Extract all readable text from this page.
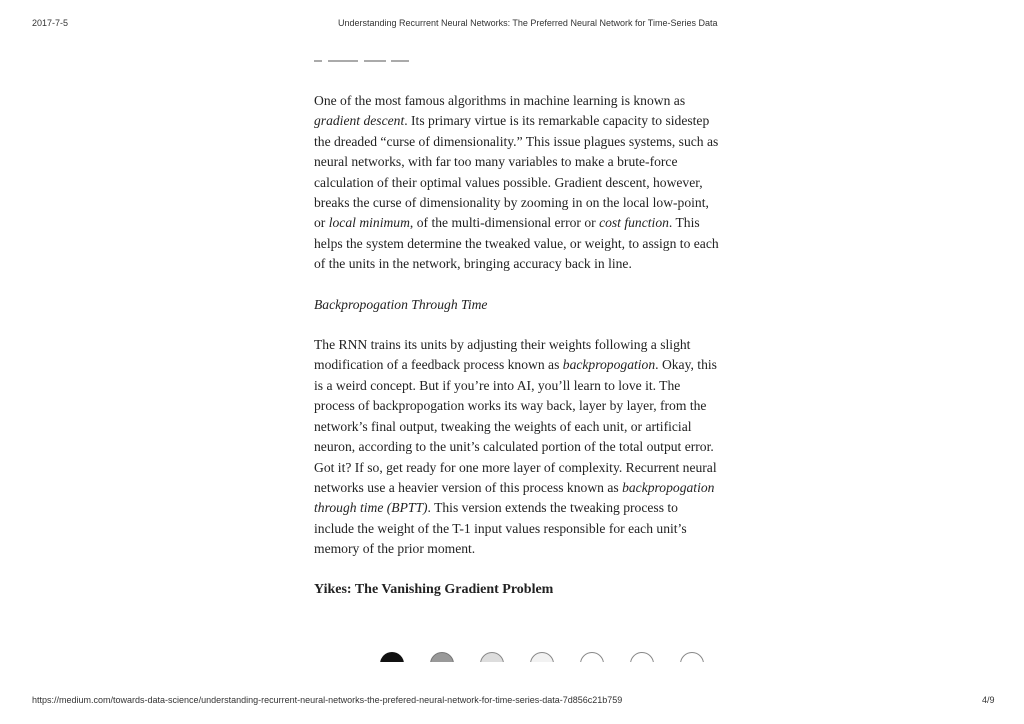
2017-7-5	Understanding Recurrent Neural Networks: The Preferred Neural Network for Time-Series Data

One of the most famous algorithms in machine learning is known as gradient descent. Its primary virtue is its remarkable capacity to sidestep the dreaded “curse of dimensionality.” This issue plagues systems, such as neural networks, with far too many variables to make a brute-force calculation of their optimal values possible. Gradient descent, however, breaks the curse of dimensionality by zooming in on the local low-point, or local minimum, of the multi-dimensional error or cost function. This helps the system determine the tweaked value, or weight, to assign to each of the units in the network, bringing accuracy back in line.

Backpropogation Through Time

The RNN trains its units by adjusting their weights following a slight modification of a feedback process known as backpropogation. Okay, this is a weird concept. But if you’re into AI, you’ll learn to love it. The process of backpropogation works its way back, layer by layer, from the network’s final output, tweaking the weights of each unit, or artificial neuron, according to the unit’s calculated portion of the total output error. Got it? If so, get ready for one more layer of complexity. Recurrent neural networks use a heavier version of this process known as backpropogation through time (BPTT). This version extends the tweaking process to include the weight of the T-1 input values responsible for each unit’s memory of the prior moment.

Yikes: The Vanishing Gradient Problem

https://medium.com/towards-data-science/understanding-recurrent-neural-networks-the-prefered-neural-network-for-time-series-data-7d856c21b759	4/9
